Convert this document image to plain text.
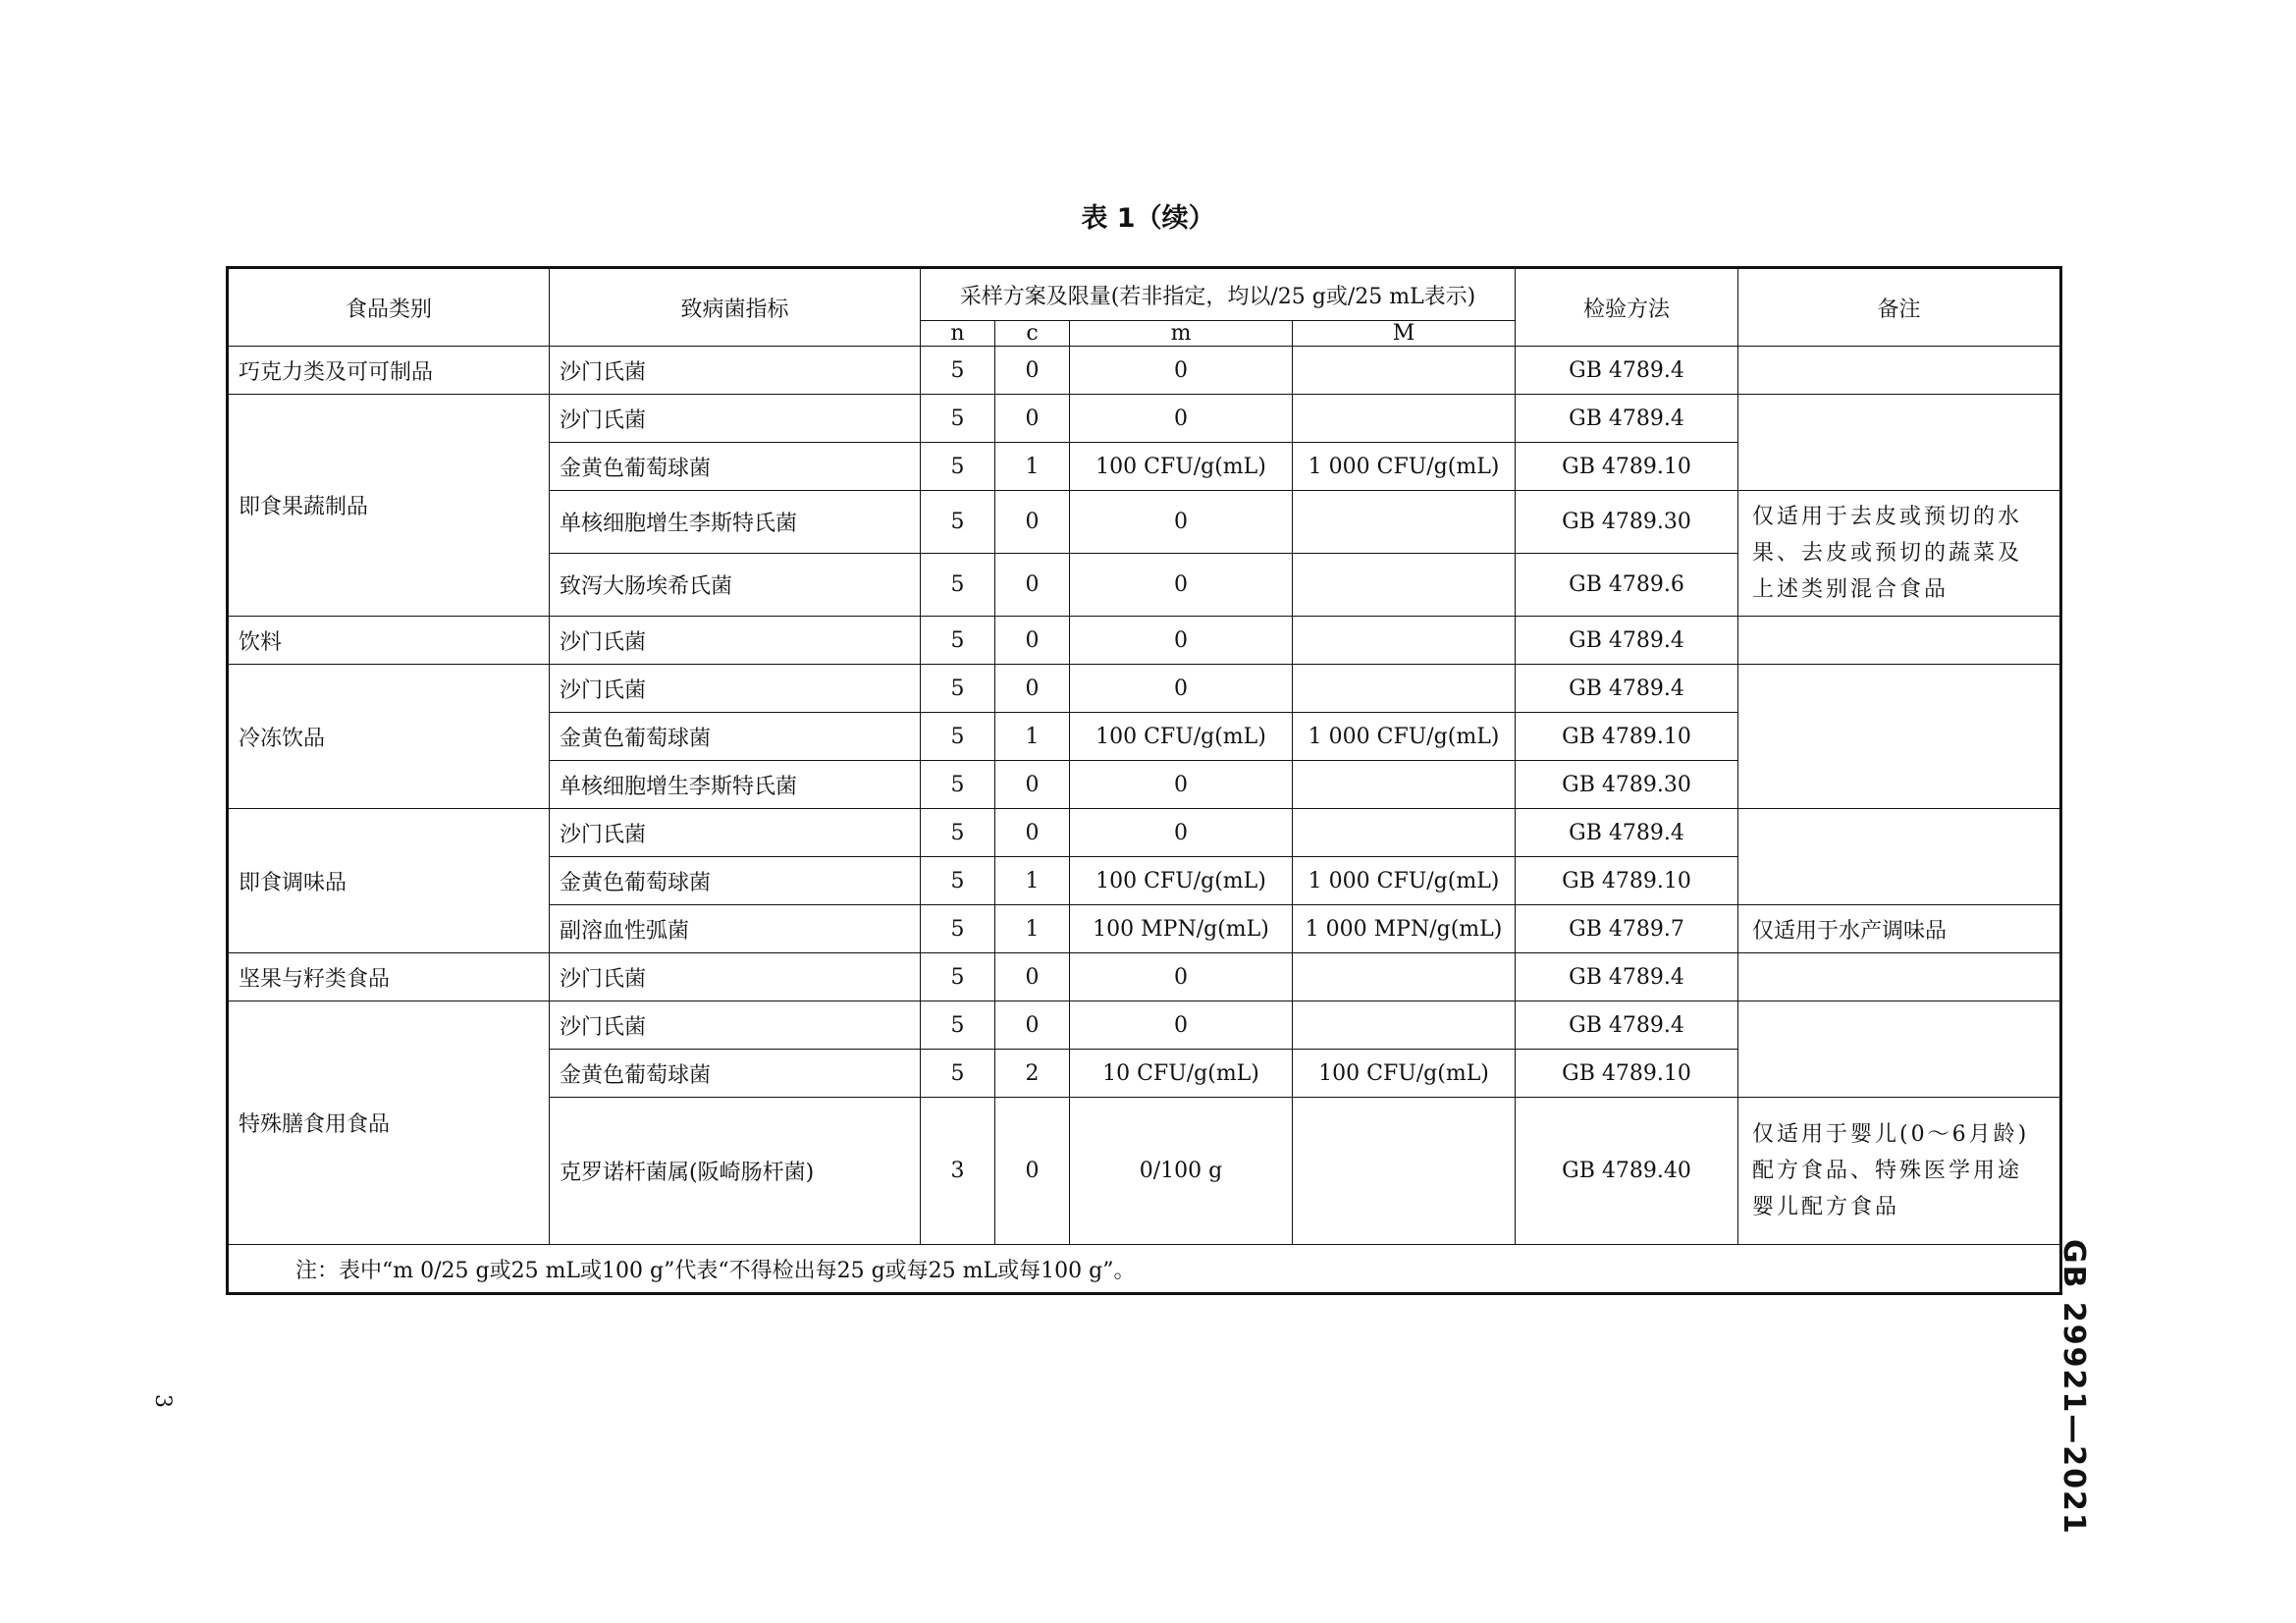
表 1（续）
食品类别	致病菌指标	采样方案及限量(若非指定，均以/25 g或/25 mL表示)				检验方法	备注
		n	c	m	M		
巧克力类及可可制品	沙门氏菌	5	0	0		GB 4789.4	
即食果蔬制品	沙门氏菌	5	0	0		GB 4789.4	
	金黄色葡萄球菌	5	1	100 CFU/g(mL)	1 000 CFU/g(mL)	GB 4789.10	
	单核细胞增生李斯特氏菌	5	0	0		GB 4789.30	仅适用于去皮或预切的水果、去皮或预切的蔬菜及上述类别混合食品
	致泻大肠埃希氏菌	5	0	0		GB 4789.6	
饮料	沙门氏菌	5	0	0		GB 4789.4	
冷冻饮品	沙门氏菌	5	0	0		GB 4789.4	
	金黄色葡萄球菌	5	1	100 CFU/g(mL)	1 000 CFU/g(mL)	GB 4789.10	
	单核细胞增生李斯特氏菌	5	0	0		GB 4789.30	
即食调味品	沙门氏菌	5	0	0		GB 4789.4	
	金黄色葡萄球菌	5	1	100 CFU/g(mL)	1 000 CFU/g(mL)	GB 4789.10	
	副溶血性弧菌	5	1	100 MPN/g(mL)	1 000 MPN/g(mL)	GB 4789.7	仅适用于水产调味品
坚果与籽类食品	沙门氏菌	5	0	0		GB 4789.4	
特殊膳食用食品	沙门氏菌	5	0	0		GB 4789.4	
	金黄色葡萄球菌	5	2	10 CFU/g(mL)	100 CFU/g(mL)	GB 4789.10	
	克罗诺杆菌属(阪崎肠杆菌)	3	0	0/100 g		GB 4789.40	仅适用于婴儿(0～6月龄)配方食品、特殊医学用途婴儿配方食品
注：表中“m 0/25 g或25 mL或100 g”代表“不得检出每25 g或每25 mL或每100 g”。							
3	GB 29921—2021
